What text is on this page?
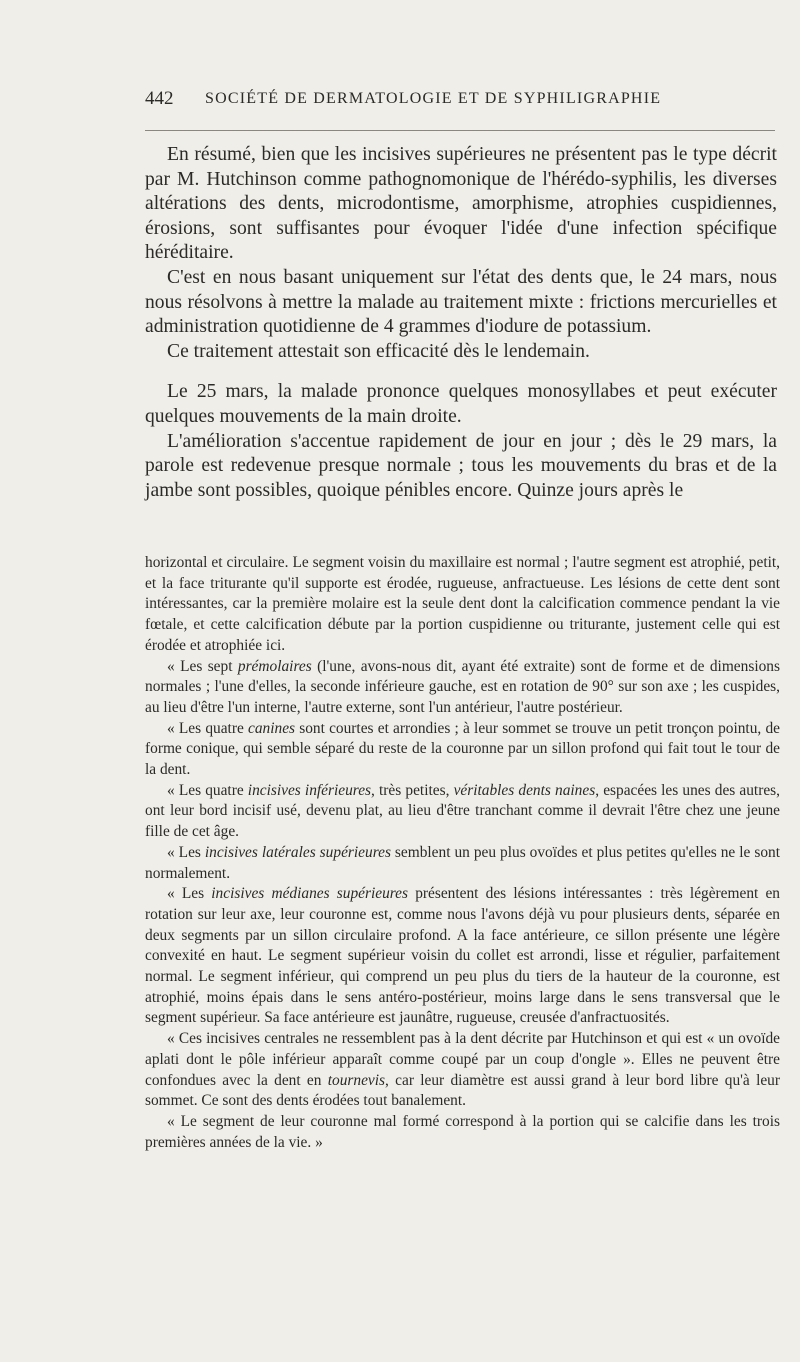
442 SOCIÉTÉ DE DERMATOLOGIE ET DE SYPHILIGRAPHIE

En résumé, bien que les incisives supérieures ne présentent pas le type décrit par M. Hutchinson comme pathognomonique de l'hérédo-syphilis, les diverses altérations des dents, microdontisme, amorphisme, atrophies cuspidiennes, érosions, sont suffisantes pour évoquer l'idée d'une infection spécifique héréditaire.

C'est en nous basant uniquement sur l'état des dents que, le 24 mars, nous nous résolvons à mettre la malade au traitement mixte : frictions mercurielles et administration quotidienne de 4 grammes d'iodure de potassium.

Ce traitement attestait son efficacité dès le lendemain.

Le 25 mars, la malade prononce quelques monosyllabes et peut exécuter quelques mouvements de la main droite.

L'amélioration s'accentue rapidement de jour en jour ; dès le 29 mars, la parole est redevenue presque normale ; tous les mouvements du bras et de la jambe sont possibles, quoique pénibles encore. Quinze jours après le

horizontal et circulaire. Le segment voisin du maxillaire est normal ; l'autre segment est atrophié, petit, et la face triturante qu'il supporte est érodée, rugueuse, anfractueuse. Les lésions de cette dent sont intéressantes, car la première molaire est la seule dent dont la calcification commence pendant la vie fœtale, et cette calcification débute par la portion cuspidienne ou triturante, justement celle qui est érodée et atrophiée ici.

« Les sept prémolaires (l'une, avons-nous dit, ayant été extraite) sont de forme et de dimensions normales ; l'une d'elles, la seconde inférieure gauche, est en rotation de 90° sur son axe ; les cuspides, au lieu d'être l'un interne, l'autre externe, sont l'un antérieur, l'autre postérieur.

« Les quatre canines sont courtes et arrondies ; à leur sommet se trouve un petit tronçon pointu, de forme conique, qui semble séparé du reste de la couronne par un sillon profond qui fait tout le tour de la dent.

« Les quatre incisives inférieures, très petites, véritables dents naines, espacées les unes des autres, ont leur bord incisif usé, devenu plat, au lieu d'être tranchant comme il devrait l'être chez une jeune fille de cet âge.

« Les incisives latérales supérieures semblent un peu plus ovoïdes et plus petites qu'elles ne le sont normalement.

« Les incisives médianes supérieures présentent des lésions intéressantes : très légèrement en rotation sur leur axe, leur couronne est, comme nous l'avons déjà vu pour plusieurs dents, séparée en deux segments par un sillon circulaire profond. A la face antérieure, ce sillon présente une légère convexité en haut. Le segment supérieur voisin du collet est arrondi, lisse et régulier, parfaitement normal. Le segment inférieur, qui comprend un peu plus du tiers de la hauteur de la couronne, est atrophié, moins épais dans le sens antéro-postérieur, moins large dans le sens transversal que le segment supérieur. Sa face antérieure est jaunâtre, rugueuse, creusée d'anfractuosités.

« Ces incisives centrales ne ressemblent pas à la dent décrite par Hutchinson et qui est « un ovoïde aplati dont le pôle inférieur apparaît comme coupé par un coup d'ongle ». Elles ne peuvent être confondues avec la dent en tournevis, car leur diamètre est aussi grand à leur bord libre qu'à leur sommet. Ce sont des dents érodées tout banalement.

« Le segment de leur couronne mal formé correspond à la portion qui se calcifie dans les trois premières années de la vie. »
